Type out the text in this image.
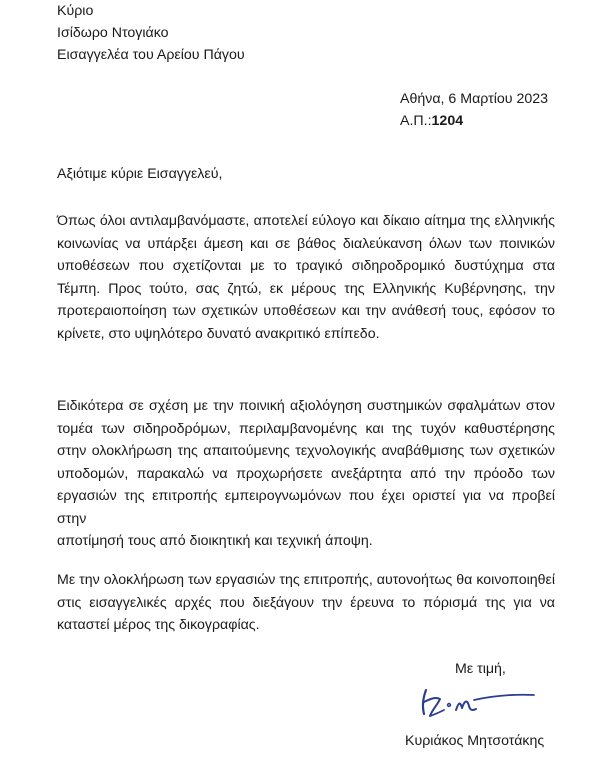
Κύριο
Ισίδωρο Ντογιάκο
Εισαγγελέα του Αρείου Πάγου
Αθήνα, 6 Μαρτίου 2023
Α.Π.:1204
Αξιότιμε κύριε Εισαγγελεύ,
Όπως όλοι αντιλαμβανόμαστε, αποτελεί εύλογο και δίκαιο αίτημα της ελληνικής
κοινωνίας να υπάρξει άμεση και σε βάθος διαλεύκανση όλων των ποινικών
υποθέσεων που σχετίζονται με το τραγικό σιδηροδρομικό δυστύχημα στα
Τέμπη. Προς τούτο, σας ζητώ, εκ μέρους της Ελληνικής Κυβέρνησης, την
προτεραιοποίηση των σχετικών υποθέσεων και την ανάθεσή τους, εφόσον το
κρίνετε, στο υψηλότερο δυνατό ανακριτικό επίπεδο.
Ειδικότερα σε σχέση με την ποινική αξιολόγηση συστημικών σφαλμάτων στον
τομέα των σιδηροδρόμων, περιλαμβανομένης και της τυχόν καθυστέρησης
στην ολοκλήρωση της απαιτούμενης τεχνολογικής αναβάθμισης των σχετικών
υποδομών, παρακαλώ να προχωρήσετε ανεξάρτητα από την πρόοδο των
εργασιών της επιτροπής εμπειρογνωμόνων που έχει οριστεί για να προβεί στην
αποτίμησή τους από διοικητική και τεχνική άποψη.
Με την ολοκλήρωση των εργασιών της επιτροπής, αυτονοήτως θα κοινοποιηθεί
στις εισαγγελικές αρχές που διεξάγουν την έρευνα το πόρισμά της για να
καταστεί μέρος της δικογραφίας.
Με τιμή,
Κυριάκος Μητσοτάκης
